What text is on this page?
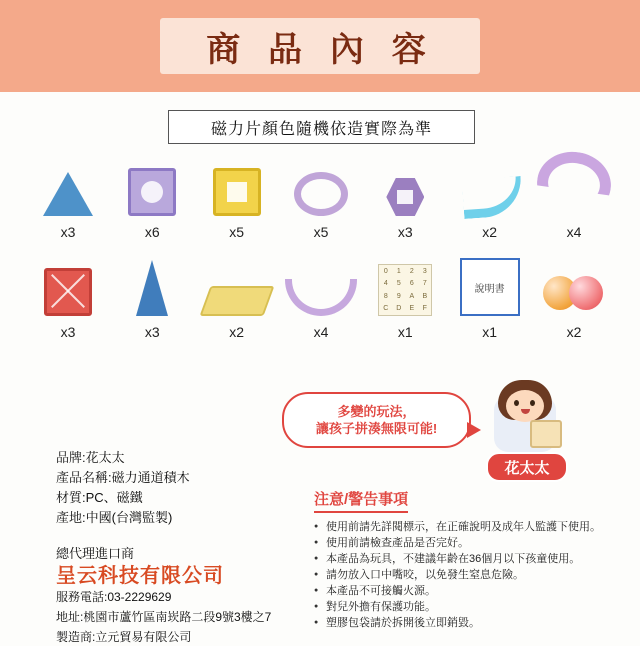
商 品 內 容
磁力片顏色隨機依造實際為準
x3	x6	x5	x5	x3	x2	x4
x3	x3	x2	x4
0 1 2 3
4 5 6 7
8 9 A B
C D E F
x1
說明書
x1	x2
多變的玩法，
讓孩子拼湊無限可能!
花太太
品牌:花太太
產品名稱:磁力通道積木
材質:PC、磁鐵
產地:中國(台灣監製)
總代理進口商
呈云科技有限公司
服務電話:03-2229629
地址:桃園市蘆竹區南崁路二段9號3樓之7
製造商:立元貿易有限公司
注意/警告事項
● 使用前請先詳閱標示，在正確說明及成年人監護下使用。
● 使用前請檢查產品是否完好。
● 本產品為玩具，不建議年齡在36個月以下孩童使用。
● 請勿放入口中嘴咬，以免發生窒息危險。
● 本產品不可接觸火源。
● 對兒外擔有保護功能。
● 塑膠包袋請於拆開後立即銷毀。
